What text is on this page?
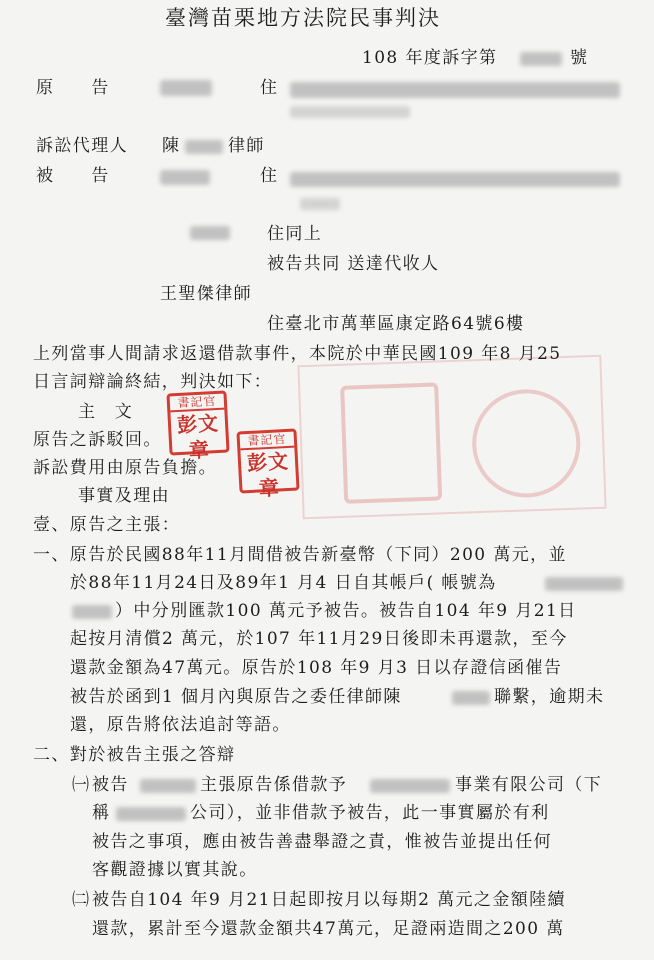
臺灣苗栗地方法院民事判決
108 年度訴字第	號
原　　告	住
訴訟代理人 陳	律師
被　　告	住
住同上
被告共同 送達代收人
王聖傑律師
住臺北市萬華區康定路64號6樓
上列當事人間請求返還借款事件，本院於中華民國109 年8 月25
日言詞辯論終結，判決如下：
主　文
原告之訴駁回。
訴訟費用由原告負擔。
書記官
彭文章	書記官
彭文章
事實及理由
壹、原告之主張：
一、原告於民國88年11月間借被告新臺幣（下同）200 萬元，並
於88年11月24日及89年1 月4 日自其帳戶( 帳號為
）中分別匯款100 萬元予被告。被告自104 年9 月21日
起按月清償2 萬元，於107 年11月29日後即未再還款，至今
還款金額為47萬元。原告於108 年9 月3 日以存證信函催告
被告於函到1 個月內與原告之委任律師陳	聯繫，逾期未
還，原告將依法追討等語。
二、對於被告主張之答辯
㈠ 被告	主張原告係借款予	事業有限公司（下
稱	公司），並非借款予被告，此一事實屬於有利
被告之事項，應由被告善盡舉證之責，惟被告並提出任何
客觀證據以實其說。
㈡ 被告自104 年9 月21日起即按月以每期2 萬元之金額陸續
還款，累計至今還款金額共47萬元，足證兩造間之200 萬
